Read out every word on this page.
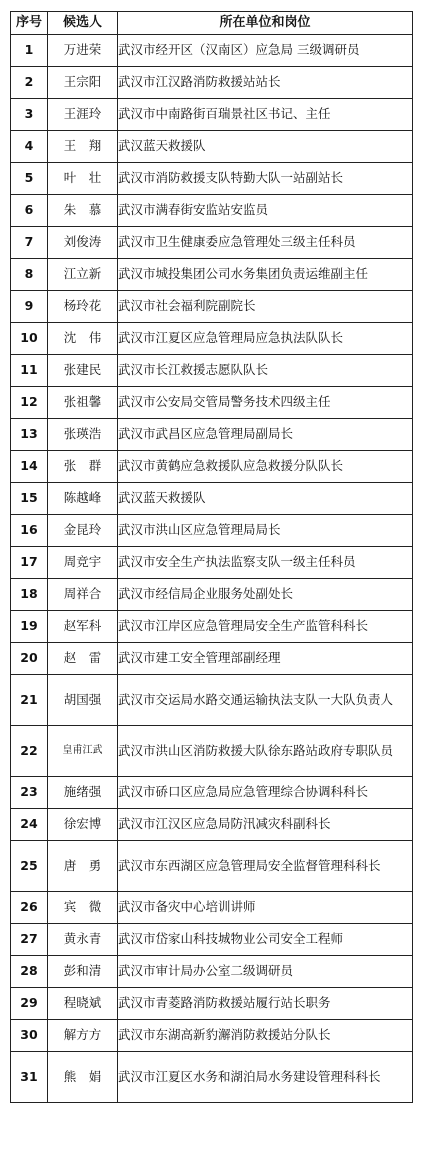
序号	候选人	所在单位和岗位
1	万进荣	武汉市经开区（汉南区）应急局 三级调研员
2	王宗阳	武汉市江汉路消防救援站站长
3	王涯玲	武汉市中南路街百瑞景社区书记、主任
4	王　翔	武汉蓝天救援队
5	叶　壮	武汉市消防救援支队特勤大队一站副站长
6	朱　慕	武汉市满春街安监站安监员
7	刘俊涛	武汉市卫生健康委应急管理处三级主任科员
8	江立新	武汉市城投集团公司水务集团负责运维副主任
9	杨玲花	武汉市社会福利院副院长
10	沈　伟	武汉市江夏区应急管理局应急执法队队长
11	张建民	武汉市长江救援志愿队队长
12	张祖馨	武汉市公安局交管局警务技术四级主任
13	张瑛浩	武汉市武昌区应急管理局副局长
14	张　群	武汉市黄鹤应急救援队应急救援分队队长
15	陈越峰	武汉蓝天救援队
16	金昆玲	武汉市洪山区应急管理局局长
17	周竞宇	武汉市安全生产执法监察支队一级主任科员
18	周祥合	武汉市经信局企业服务处副处长
19	赵军科	武汉市江岸区应急管理局安全生产监管科科长
20	赵　雷	武汉市建工安全管理部副经理
21	胡国强	武汉市交运局水路交通运输执法支队一大队负责人
22	皇甫江武	武汉市洪山区消防救援大队徐东路站政府专职队员
23	施绪强	武汉市硚口区应急局应急管理综合协调科科长
24	徐宏博	武汉市江汉区应急局防汛减灾科副科长
25	唐　勇	武汉市东西湖区应急管理局安全监督管理科科长
26	宾　微	武汉市备灾中心培训讲师
27	黄永青	武汉市岱家山科技城物业公司安全工程师
28	彭和清	武汉市审计局办公室二级调研员
29	程晓斌	武汉市青菱路消防救援站履行站长职务
30	解方方	武汉市东湖高新豹澥消防救援站分队长
31	熊　娟	武汉市江夏区水务和湖泊局水务建设管理科科长
